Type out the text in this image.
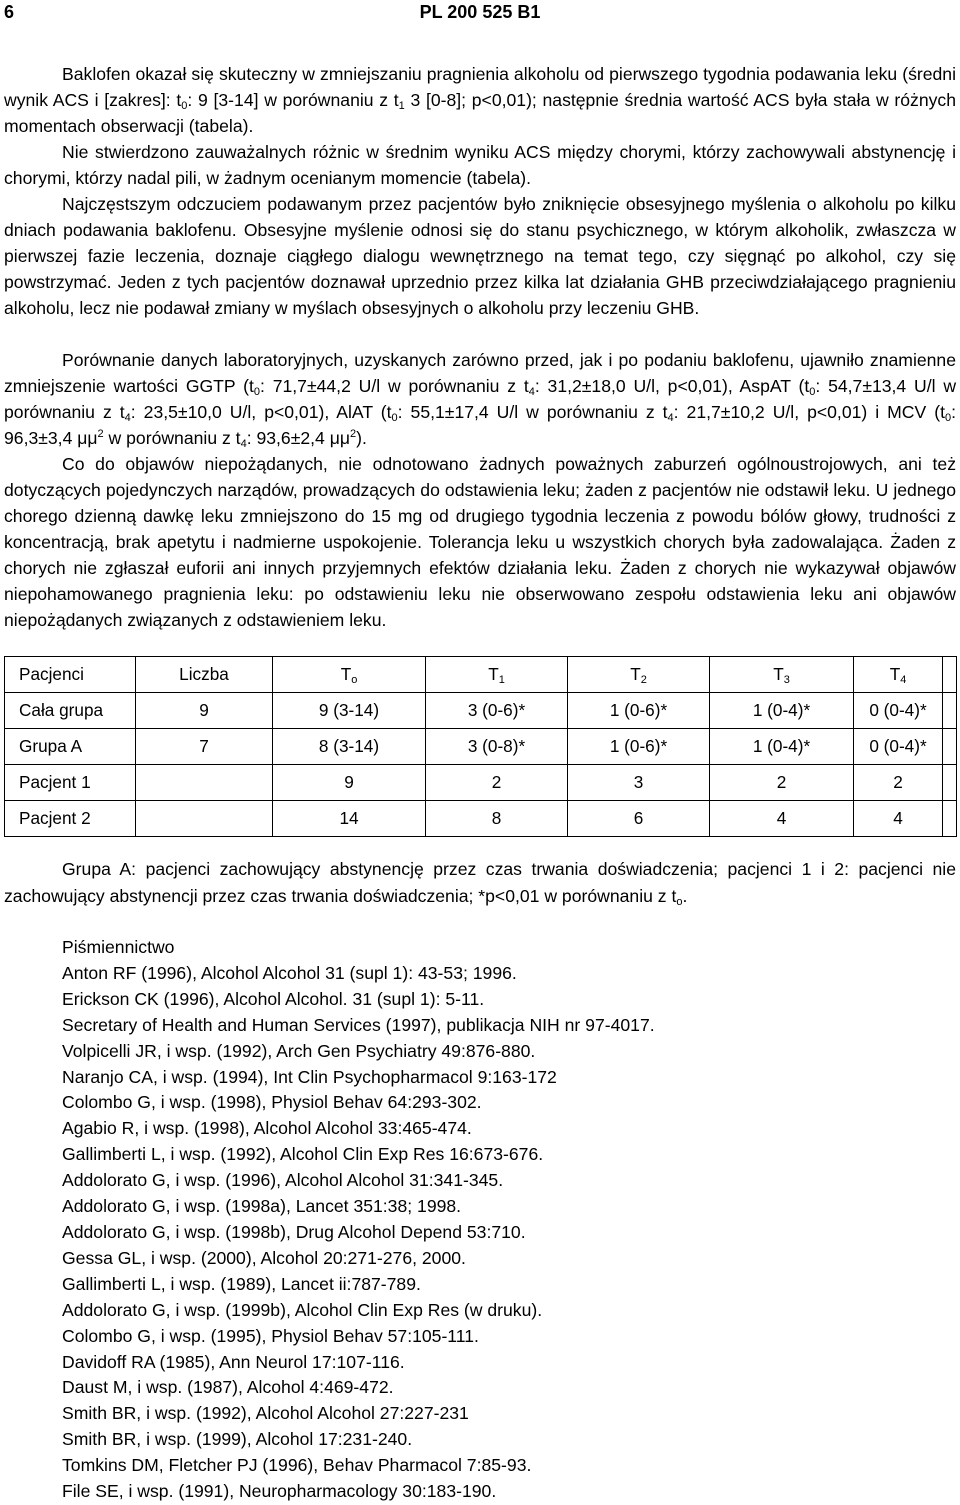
6	PL 200 525 B1

Baklofen okazał się skuteczny w zmniejszaniu pragnienia alkoholu od pierwszego tygodnia podawania leku (średni wynik ACS i [zakres]: $t_0$: 9 [3-14] w porównaniu z $t_1$ 3 [0-8]; p<0,01); następnie średnia wartość ACS była stała w różnych momentach obserwacji (tabela).

Nie stwierdzono zauważalnych różnic w średnim wyniku ACS między chorymi, którzy zachowywali abstynencję i chorymi, którzy nadal pili, w żadnym ocenianym momencie (tabela).

Najczęstszym odczuciem podawanym przez pacjentów było zniknięcie obsesyjnego myślenia o alkoholu po kilku dniach podawania baklofenu. Obsesyjne myślenie odnosi się do stanu psychicznego, w którym alkoholik, zwłaszcza w pierwszej fazie leczenia, doznaje ciągłego dialogu wewnętrznego na temat tego, czy sięgnąć po alkohol, czy się powstrzymać. Jeden z tych pacjentów doznawał uprzednio przez kilka lat działania GHB przeciwdziałającego pragnieniu alkoholu, lecz nie podawał zmiany w myślach obsesyjnych o alkoholu przy leczeniu GHB.

Porównanie danych laboratoryjnych, uzyskanych zarówno przed, jak i po podaniu baklofenu, ujawniło znamienne zmniejszenie wartości GGTP ($t_0$: 71,7±44,2 U/l w porównaniu z $t_4$: 31,2±18,0 U/l, p<0,01), AspAT ($t_0$: 54,7±13,4 U/l w porównaniu z $t_4$: 23,5±10,0 U/l, p<0,01), AlAT ($t_0$: 55,1±17,4 U/l w porównaniu z $t_4$: 21,7±10,2 U/l, p<0,01) i MCV ($t_0$: 96,3±3,4 $\mu\mu^2$ w porównaniu z $t_4$: 93,6±2,4 $\mu\mu^2$).

Co do objawów niepożądanych, nie odnotowano żadnych poważnych zaburzeń ogólnoustrojowych, ani też dotyczących pojedynczych narządów, prowadzących do odstawienia leku; żaden z pacjentów nie odstawił leku. U jednego chorego dzienną dawkę leku zmniejszono do 15 mg od drugiego tygodnia leczenia z powodu bólów głowy, trudności z koncentracją, brak apetytu i nadmierne uspokojenie. Tolerancja leku u wszystkich chorych była zadowalająca. Żaden z chorych nie zgłaszał euforii ani innych przyjemnych efektów działania leku. Żaden z chorych nie wykazywał objawów niepohamowanego pragnienia leku: po odstawieniu leku nie obserwowano zespołu odstawienia leku ani objawów niepożądanych związanych z odstawieniem leku.

Pacjenci	Liczba	$T_o$	$T_1$	$T_2$	$T_3$	$T_4$	
Cała grupa	9	9 (3-14)	3 (0-6)*	1 (0-6)*	1 (0-4)*	0 (0-4)*	
Grupa A	7	8 (3-14)	3 (0-8)*	1 (0-6)*	1 (0-4)*	0 (0-4)*	
Pacjent 1		9	2	3	2	2	
Pacjent 2		14	8	6	4	4	

Grupa A: pacjenci zachowujący abstynencję przez czas trwania doświadczenia; pacjenci 1 i 2: pacjenci nie zachowujący abstynencji przez czas trwania doświadczenia; *p<0,01 w porównaniu z $t_o$.

Piśmiennictwo
Anton RF (1996), Alcohol Alcohol 31 (supl 1): 43-53; 1996.
Erickson CK (1996), Alcohol Alcohol. 31 (supl 1): 5-11.
Secretary of Health and Human Services (1997), publikacja NIH nr 97-4017.
Volpicelli JR, i wsp. (1992), Arch Gen Psychiatry 49:876-880.
Naranjo CA, i wsp. (1994), Int Clin Psychopharmacol 9:163-172
Colombo G, i wsp. (1998), Physiol Behav 64:293-302.
Agabio R, i wsp. (1998), Alcohol Alcohol 33:465-474.
Gallimberti L, i wsp. (1992), Alcohol Clin Exp Res 16:673-676.
Addolorato G, i wsp. (1996), Alcohol Alcohol 31:341-345.
Addolorato G, i wsp. (1998a), Lancet 351:38; 1998.
Addolorato G, i wsp. (1998b), Drug Alcohol Depend 53:710.
Gessa GL, i wsp. (2000), Alcohol 20:271-276, 2000.
Gallimberti L, i wsp. (1989), Lancet ii:787-789.
Addolorato G, i wsp. (1999b), Alcohol Clin Exp Res (w druku).
Colombo G, i wsp. (1995), Physiol Behav 57:105-111.
Davidoff RA (1985), Ann Neurol 17:107-116.
Daust M, i wsp. (1987), Alcohol 4:469-472.
Smith BR, i wsp. (1992), Alcohol Alcohol 27:227-231
Smith BR, i wsp. (1999), Alcohol 17:231-240.
Tomkins DM, Fletcher PJ (1996), Behav Pharmacol 7:85-93.
File SE, i wsp. (1991), Neuropharmacology 30:183-190.
